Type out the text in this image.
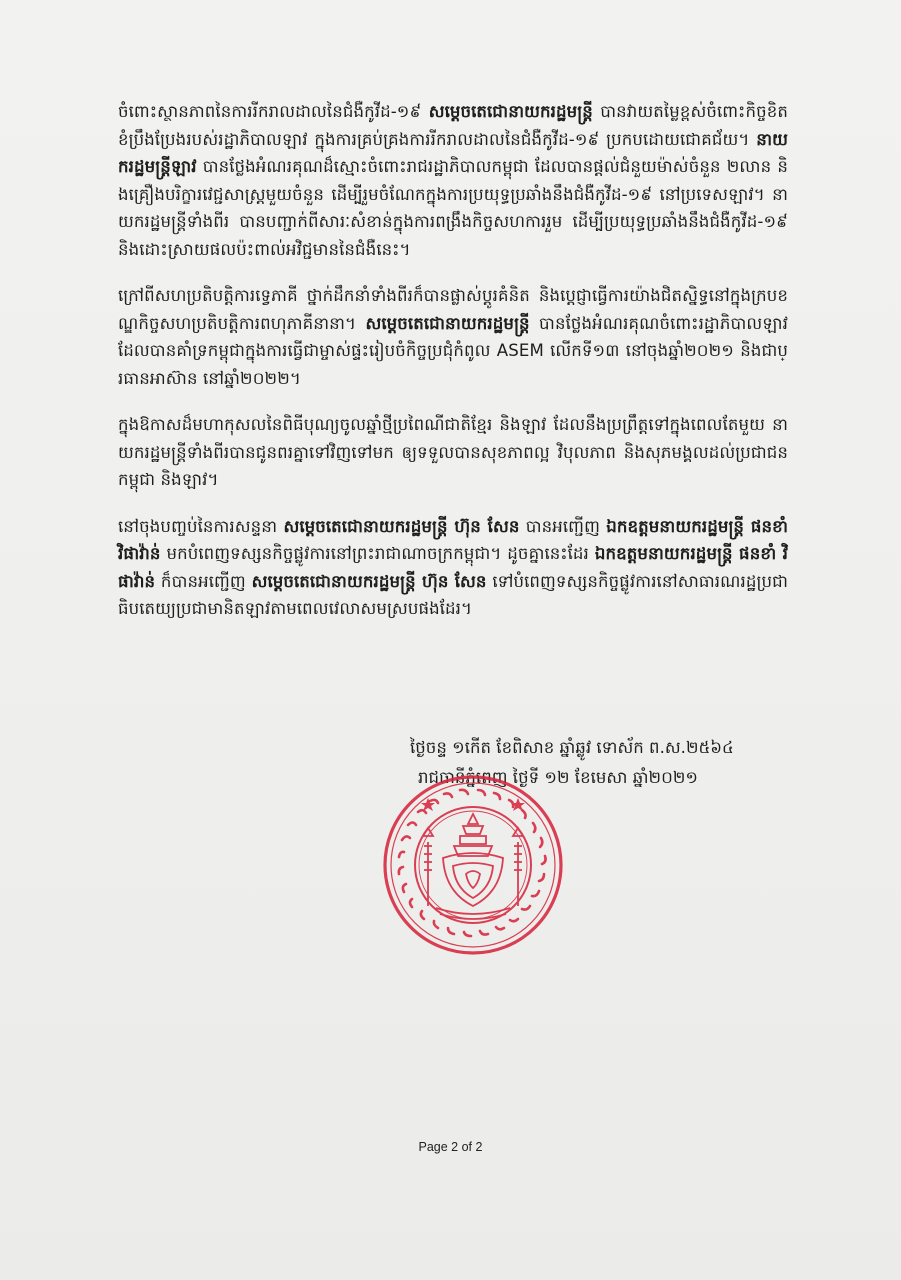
ចំពោះស្ថានភាពនៃការរីករាលដាលនៃជំងឺកូវីដ-១៩ សម្តេចតេជោនាយករដ្ឋមន្ត្រី បានវាយតម្លៃខ្ពស់ចំពោះកិច្ចខិតខំប្រឹងប្រែងរបស់រដ្ឋាភិបាលឡាវ ក្នុងការគ្រប់គ្រងការរីករាលដាលនៃជំងឺកូវីដ-១៩ ប្រកបដោយជោគជ័យ។ នាយករដ្ឋមន្ត្រីឡាវ បានថ្លែងអំណរគុណដ៏ស្មោះចំពោះរាជរដ្ឋាភិបាលកម្ពុជា ដែលបានផ្តល់ជំនួយម៉ាស់ចំនួន ២លាន និងគ្រឿងបរិក្ខារវេជ្ជសាស្ត្រមួយចំនួន ដើម្បីរួមចំណែកក្នុងការប្រយុទ្ធប្រឆាំងនឹងជំងឺកូវីដ-១៩ នៅប្រទេសឡាវ។ នាយករដ្ឋមន្ត្រីទាំងពីរ បានបញ្ជាក់ពីសារៈសំខាន់ក្នុងការពង្រឹងកិច្ចសហការរួម ដើម្បីប្រយុទ្ធប្រឆាំងនឹងជំងឺកូវីដ-១៩ និងដោះស្រាយផលប៉ះពាល់អវិជ្ជមាននៃជំងឺនេះ។

ក្រៅពីសហប្រតិបត្តិការទ្វេភាគី ថ្នាក់ដឹកនាំទាំងពីរក៏បានផ្លាស់ប្តូរគំនិត និងប្តេជ្ញាធ្វើការយ៉ាងជិតស្និទ្ធនៅក្នុងក្របខណ្ឌកិច្ចសហប្រតិបត្តិការពហុភាគីនានា។ សម្តេចតេជោនាយករដ្ឋមន្ត្រី បានថ្លែងអំណរគុណចំពោះរដ្ឋាភិបាលឡាវ ដែលបានគាំទ្រកម្ពុជាក្នុងការធ្វើជាម្ចាស់ផ្ទះរៀបចំកិច្ចប្រជុំកំពូល ASEM លើកទី១៣ នៅចុងឆ្នាំ២០២១ និងជាប្រធានអាស៊ាន នៅឆ្នាំ២០២២។

ក្នុងឱកាសដ៏មហាកុសលនៃពិធីបុណ្យចូលឆ្នាំថ្មីប្រពៃណីជាតិខ្មែរ និងឡាវ ដែលនឹងប្រព្រឹត្តទៅក្នុងពេលតែមួយ នាយករដ្ឋមន្ត្រីទាំងពីរបានជូនពរគ្នាទៅវិញទៅមក ឲ្យទទួលបានសុខភាពល្អ វិបុលភាព និងសុភមង្គលដល់ប្រជាជនកម្ពុជា និងឡាវ។

នៅចុងបញ្ចប់នៃការសន្ទនា សម្តេចតេជោនាយករដ្ឋមន្ត្រី ហ៊ុន សែន បានអញ្ជើញ ឯកឧត្តមនាយករដ្ឋមន្ត្រី ផនខាំ វិផាវ៉ាន់ មកបំពេញទស្សនកិច្ចផ្លូវការនៅព្រះរាជាណាចក្រកម្ពុជា។ ដូចគ្នានេះដែរ ឯកឧត្តមនាយករដ្ឋមន្ត្រី ផនខាំ វិផាវ៉ាន់ ក៏បានអញ្ជើញ សម្តេចតេជោនាយករដ្ឋមន្ត្រី ហ៊ុន សែន ទៅបំពេញទស្សនកិច្ចផ្លូវការនៅសាធារណរដ្ឋប្រជាធិបតេយ្យប្រជាមានិតឡាវតាមពេលវេលាសមស្របផងដែរ។

ថ្ងៃចន្ទ ១កើត ខែពិសាខ ឆ្នាំឆ្លូវ ទោស័ក ព.ស.២៥៦៤
រាជធានីភ្នំពេញ ថ្ងៃទី ១២ ខែមេសា ឆ្នាំ២០២១
Page 2 of 2
